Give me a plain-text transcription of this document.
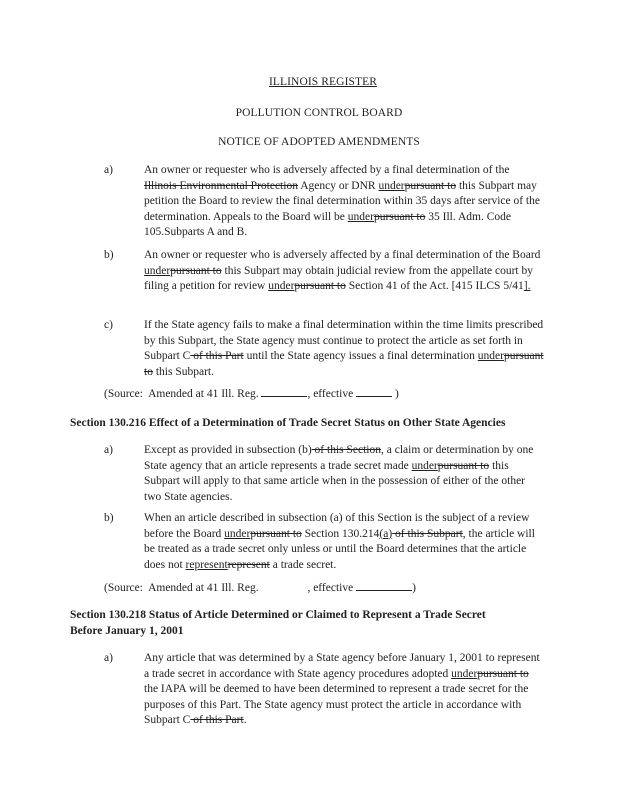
ILLINOIS REGISTER
POLLUTION CONTROL BOARD
NOTICE OF ADOPTED AMENDMENTS
a)	An owner or requester who is adversely affected by a final determination of the Illinois Environmental Protection Agency or DNR underpursuant to this Subpart may petition the Board to review the final determination within 35 days after service of the determination. Appeals to the Board will be underpursuant to 35 Ill. Adm. Code 105.Subparts A and B.
b)	An owner or requester who is adversely affected by a final determination of the Board underpursuant to this Subpart may obtain judicial review from the appellate court by filing a petition for review underpursuant to Section 41 of the Act. [415 ILCS 5/41].
c)	If the State agency fails to make a final determination within the time limits prescribed by this Subpart, the State agency must continue to protect the article as set forth in Subpart C of this Part until the State agency issues a final determination underpursuant to this Subpart.
(Source:  Amended at 41 Ill. Reg.	, effective	)
Section 130.216 Effect of a Determination of Trade Secret Status on Other State Agencies
a)	Except as provided in subsection (b) of this Section, a claim or determination by one State agency that an article represents a trade secret made underpursuant to this Subpart will apply to that same article when in the possession of either of the other two State agencies.
b)	When an article described in subsection (a) of this Section is the subject of a review before the Board underpursuant to Section 130.214(a) of this Subpart, the article will be treated as a trade secret only unless or until the Board determines that the article does not representrepresent a trade secret.
(Source:  Amended at 41 Ill. Reg.	, effective	)
Section 130.218 Status of Article Determined or Claimed to Represent a Trade Secret
Before January 1, 2001
a)	Any article that was determined by a State agency before January 1, 2001 to represent a trade secret in accordance with State agency procedures adopted underpursuant to the IAPA will be deemed to have been determined to represent a trade secret for the purposes of this Part. The State agency must protect the article in accordance with Subpart C of this Part.
